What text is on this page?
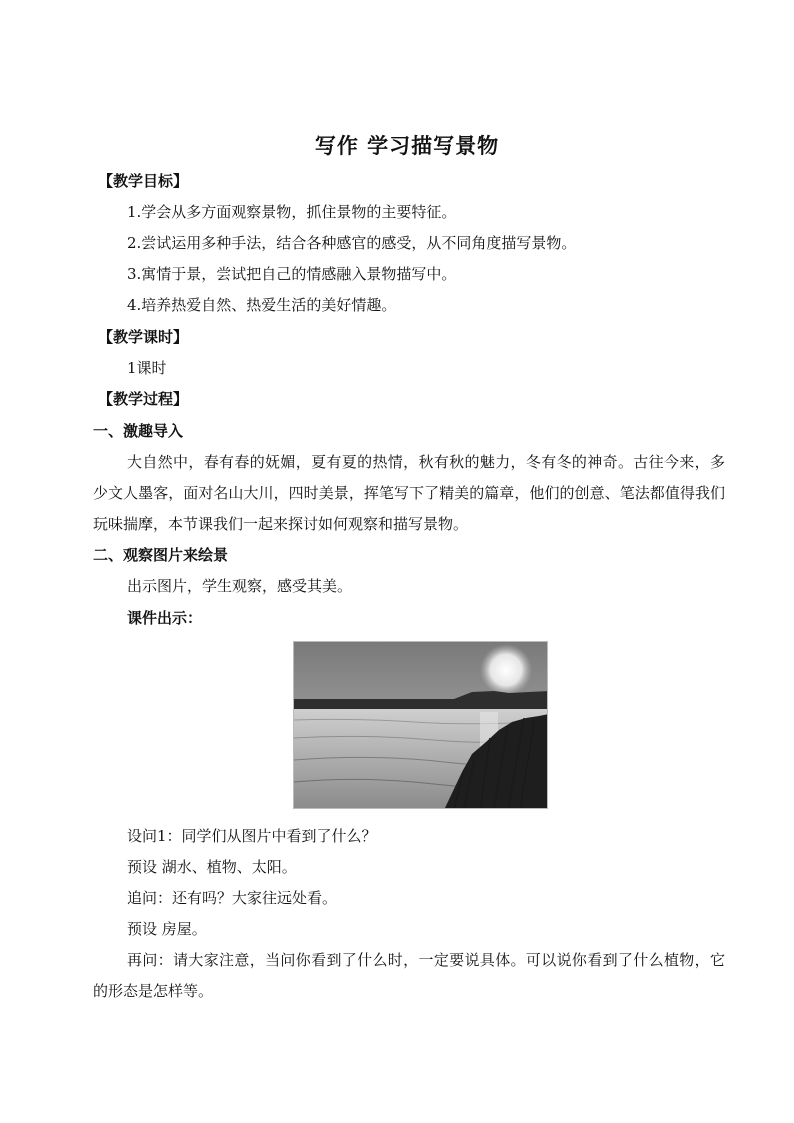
写作 学习描写景物
【教学目标】
1.学会从多方面观察景物，抓住景物的主要特征。
2.尝试运用多种手法，结合各种感官的感受，从不同角度描写景物。
3.寓情于景，尝试把自己的情感融入景物描写中。
4.培养热爱自然、热爱生活的美好情趣。
【教学课时】
1课时
【教学过程】
一、激趣导入
大自然中，春有春的妩媚，夏有夏的热情，秋有秋的魅力，冬有冬的神奇。古往今来，多少文人墨客，面对名山大川，四时美景，挥笔写下了精美的篇章，他们的创意、笔法都值得我们玩味揣摩，本节课我们一起来探讨如何观察和描写景物。
二、观察图片来绘景
出示图片，学生观察，感受其美。
课件出示：
设问1：同学们从图片中看到了什么？
预设 湖水、植物、太阳。
追问：还有吗？大家往远处看。
预设 房屋。
再问：请大家注意，当问你看到了什么时，一定要说具体。可以说你看到了什么植物，它的形态是怎样等。
